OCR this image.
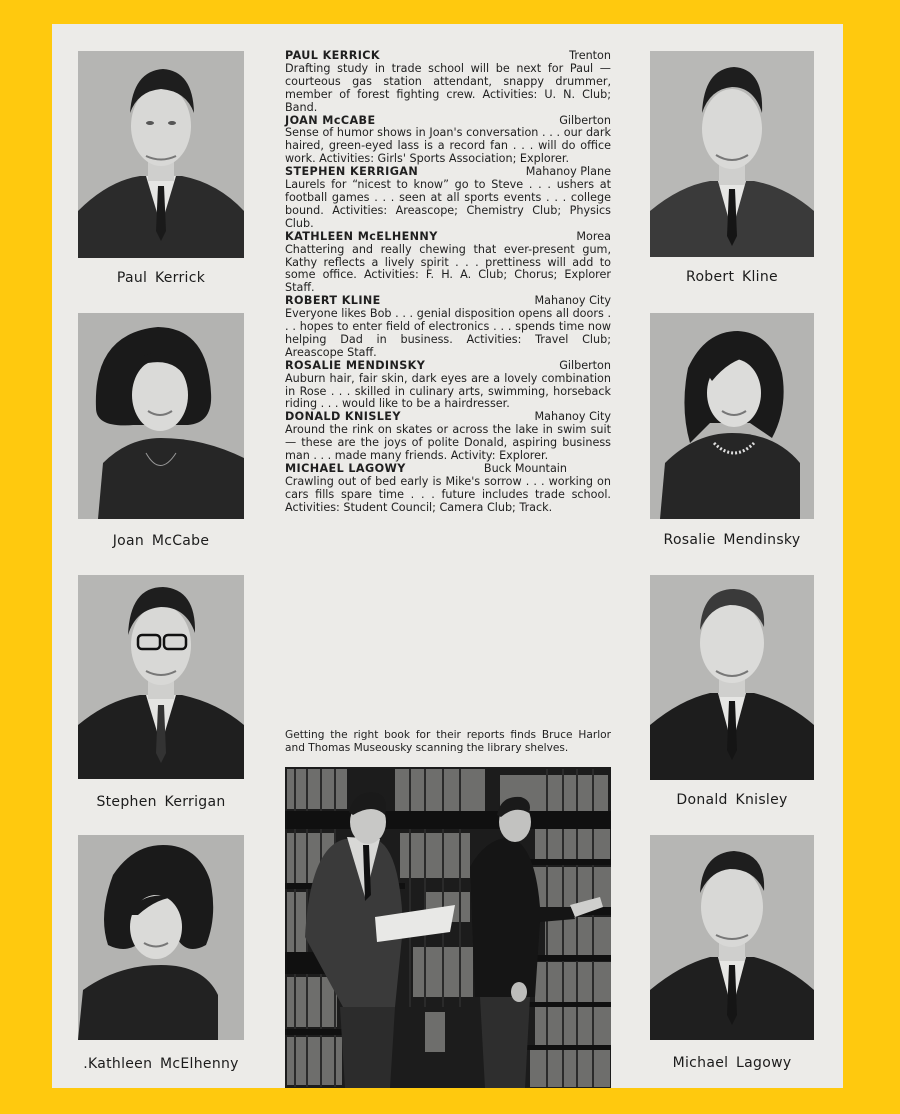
Paul Kerrick
Joan McCabe
Stephen Kerrigan
.Kathleen McElhenny
Robert Kline
Rosalie Mendinsky
Donald Knisley
Michael Lagowy
PAUL KERRICK	Trenton
Drafting study in trade school will be next for Paul — courteous gas station attendant, snappy drummer, member of forest fighting crew. Activities: U. N. Club; Band.
JOAN McCABE	Gilberton
Sense of humor shows in Joan's conversation . . . our dark haired, green-eyed lass is a record fan . . . will do office work. Activities: Girls' Sports Association; Explorer.
STEPHEN KERRIGAN	Mahanoy Plane
Laurels for “nicest to know” go to Steve . . . ushers at football games . . . seen at all sports events . . . college bound. Activities: Areascope; Chemistry Club; Physics Club.
KATHLEEN McELHENNY	Morea
Chattering and really chewing that ever-present gum, Kathy reflects a lively spirit . . . prettiness will add to some office. Activities: F. H. A. Club; Chorus; Explorer Staff.
ROBERT KLINE	Mahanoy City
Everyone likes Bob . . . genial disposition opens all doors . . . hopes to enter field of electronics . . . spends time now helping Dad in business. Activities: Travel Club; Areascope Staff.
ROSALIE MENDINSKY	Gilberton
Auburn hair, fair skin, dark eyes are a lovely combination in Rose . . . skilled in culinary arts, swimming, horseback riding . . . would like to be a hairdresser.
DONALD KNISLEY	Mahanoy City
Around the rink on skates or across the lake in swim suit — these are the joys of polite Donald, aspiring business man . . . made many friends. Activity: Explorer.
MICHAEL LAGOWY	Buck Mountain
Crawling out of bed early is Mike's sorrow . . . working on cars fills spare time . . . future includes trade school. Activities: Student Council; Camera Club; Track.
Getting the right book for their reports finds Bruce Harlor and Thomas Museousky scanning the library shelves.
